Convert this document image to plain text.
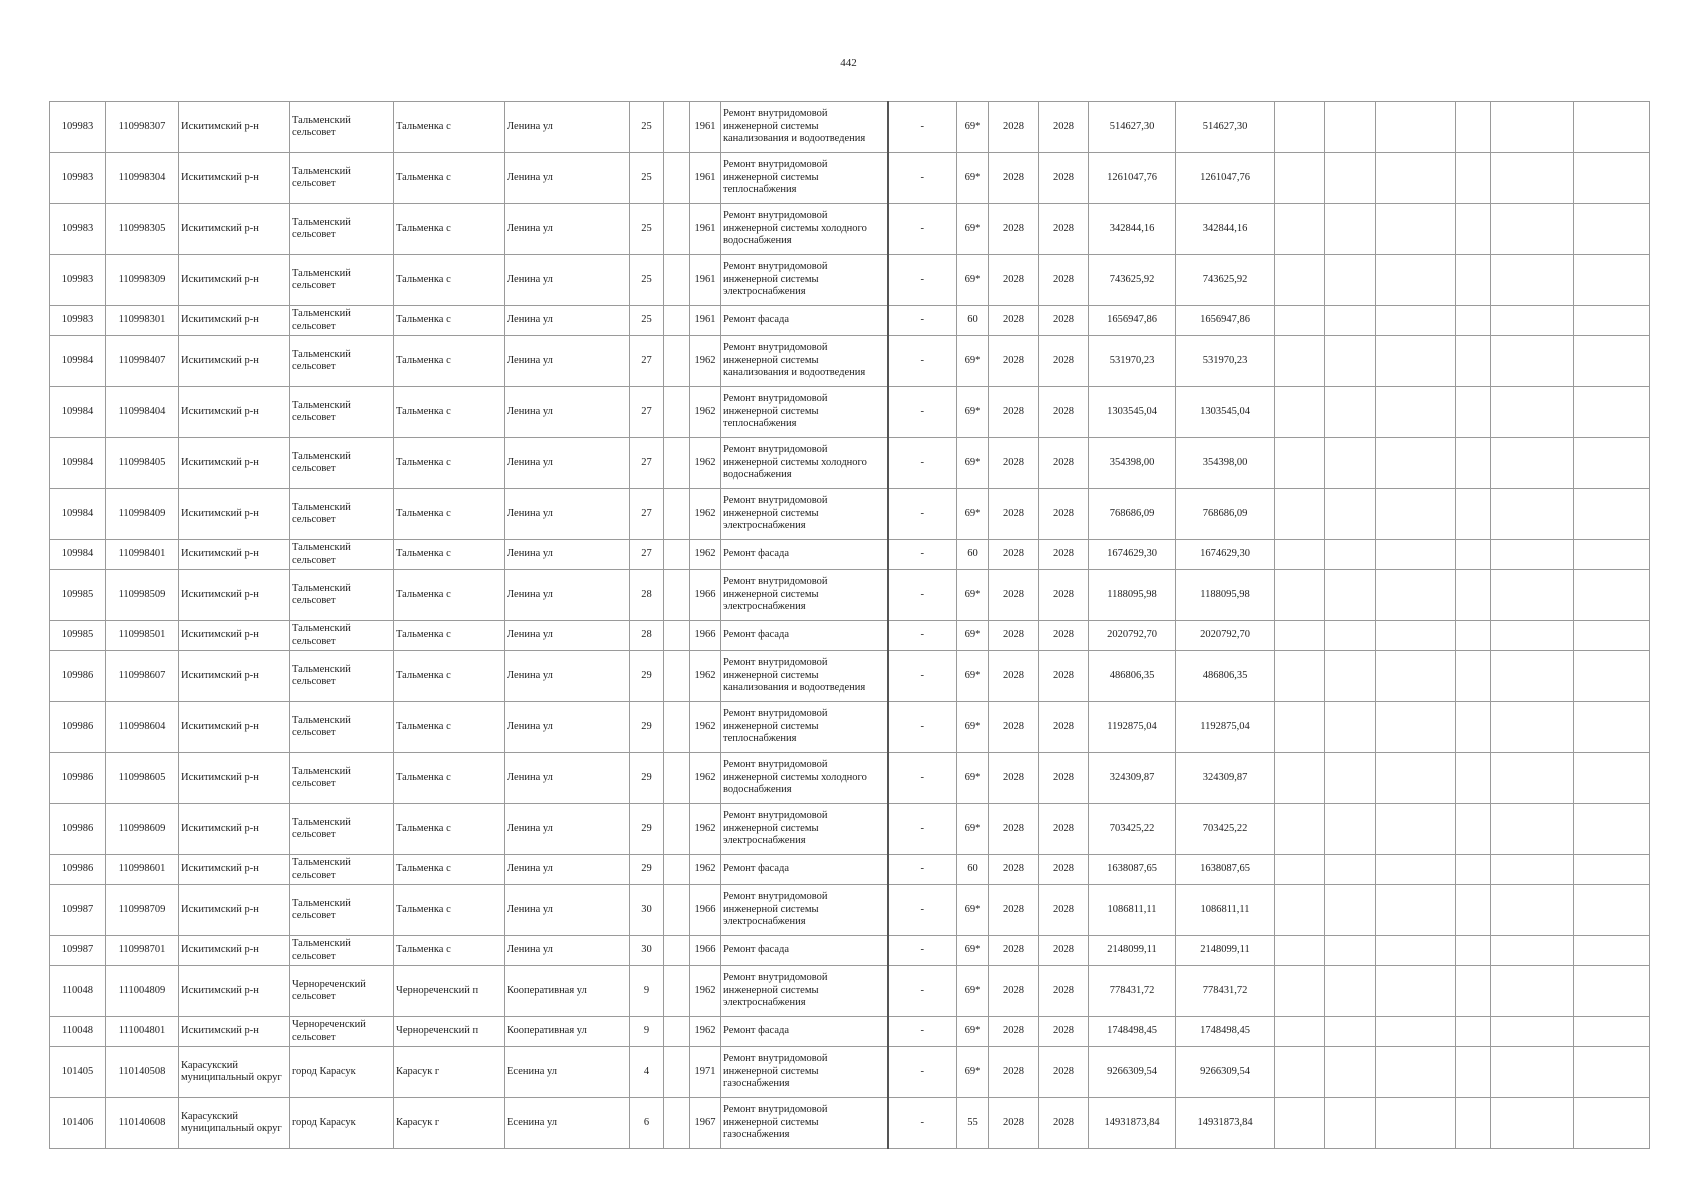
442
109983	110998307	Искитимский р-н	Тальменский сельсовет	Тальменка с	Ленина ул	25		1961	Ремонт внутридомовой инженерной системы канализования и водоотведения	-	69*	2028	2028	514627,30	514627,30						
109983	110998304	Искитимский р-н	Тальменский сельсовет	Тальменка с	Ленина ул	25		1961	Ремонт внутридомовой инженерной системы теплоснабжения	-	69*	2028	2028	1261047,76	1261047,76						
109983	110998305	Искитимский р-н	Тальменский сельсовет	Тальменка с	Ленина ул	25		1961	Ремонт внутридомовой инженерной системы холодного водоснабжения	-	69*	2028	2028	342844,16	342844,16						
109983	110998309	Искитимский р-н	Тальменский сельсовет	Тальменка с	Ленина ул	25		1961	Ремонт внутридомовой инженерной системы электроснабжения	-	69*	2028	2028	743625,92	743625,92						
109983	110998301	Искитимский р-н	Тальменский сельсовет	Тальменка с	Ленина ул	25		1961	Ремонт фасада	-	60	2028	2028	1656947,86	1656947,86						
109984	110998407	Искитимский р-н	Тальменский сельсовет	Тальменка с	Ленина ул	27		1962	Ремонт внутридомовой инженерной системы канализования и водоотведения	-	69*	2028	2028	531970,23	531970,23						
109984	110998404	Искитимский р-н	Тальменский сельсовет	Тальменка с	Ленина ул	27		1962	Ремонт внутридомовой инженерной системы теплоснабжения	-	69*	2028	2028	1303545,04	1303545,04						
109984	110998405	Искитимский р-н	Тальменский сельсовет	Тальменка с	Ленина ул	27		1962	Ремонт внутридомовой инженерной системы холодного водоснабжения	-	69*	2028	2028	354398,00	354398,00						
109984	110998409	Искитимский р-н	Тальменский сельсовет	Тальменка с	Ленина ул	27		1962	Ремонт внутридомовой инженерной системы электроснабжения	-	69*	2028	2028	768686,09	768686,09						
109984	110998401	Искитимский р-н	Тальменский сельсовет	Тальменка с	Ленина ул	27		1962	Ремонт фасада	-	60	2028	2028	1674629,30	1674629,30						
109985	110998509	Искитимский р-н	Тальменский сельсовет	Тальменка с	Ленина ул	28		1966	Ремонт внутридомовой инженерной системы электроснабжения	-	69*	2028	2028	1188095,98	1188095,98						
109985	110998501	Искитимский р-н	Тальменский сельсовет	Тальменка с	Ленина ул	28		1966	Ремонт фасада	-	69*	2028	2028	2020792,70	2020792,70						
109986	110998607	Искитимский р-н	Тальменский сельсовет	Тальменка с	Ленина ул	29		1962	Ремонт внутридомовой инженерной системы канализования и водоотведения	-	69*	2028	2028	486806,35	486806,35						
109986	110998604	Искитимский р-н	Тальменский сельсовет	Тальменка с	Ленина ул	29		1962	Ремонт внутридомовой инженерной системы теплоснабжения	-	69*	2028	2028	1192875,04	1192875,04						
109986	110998605	Искитимский р-н	Тальменский сельсовет	Тальменка с	Ленина ул	29		1962	Ремонт внутридомовой инженерной системы холодного водоснабжения	-	69*	2028	2028	324309,87	324309,87						
109986	110998609	Искитимский р-н	Тальменский сельсовет	Тальменка с	Ленина ул	29		1962	Ремонт внутридомовой инженерной системы электроснабжения	-	69*	2028	2028	703425,22	703425,22						
109986	110998601	Искитимский р-н	Тальменский сельсовет	Тальменка с	Ленина ул	29		1962	Ремонт фасада	-	60	2028	2028	1638087,65	1638087,65						
109987	110998709	Искитимский р-н	Тальменский сельсовет	Тальменка с	Ленина ул	30		1966	Ремонт внутридомовой инженерной системы электроснабжения	-	69*	2028	2028	1086811,11	1086811,11						
109987	110998701	Искитимский р-н	Тальменский сельсовет	Тальменка с	Ленина ул	30		1966	Ремонт фасада	-	69*	2028	2028	2148099,11	2148099,11						
110048	111004809	Искитимский р-н	Чернореченский сельсовет	Чернореченский п	Кооперативная ул	9		1962	Ремонт внутридомовой инженерной системы электроснабжения	-	69*	2028	2028	778431,72	778431,72						
110048	111004801	Искитимский р-н	Чернореченский сельсовет	Чернореченский п	Кооперативная ул	9		1962	Ремонт фасада	-	69*	2028	2028	1748498,45	1748498,45						
101405	110140508	Карасукский муниципальный округ	город Карасук	Карасук г	Есенина ул	4		1971	Ремонт внутридомовой инженерной системы газоснабжения	-	69*	2028	2028	9266309,54	9266309,54						
101406	110140608	Карасукский муниципальный округ	город Карасук	Карасук г	Есенина ул	6		1967	Ремонт внутридомовой инженерной системы газоснабжения	-	55	2028	2028	14931873,84	14931873,84						
